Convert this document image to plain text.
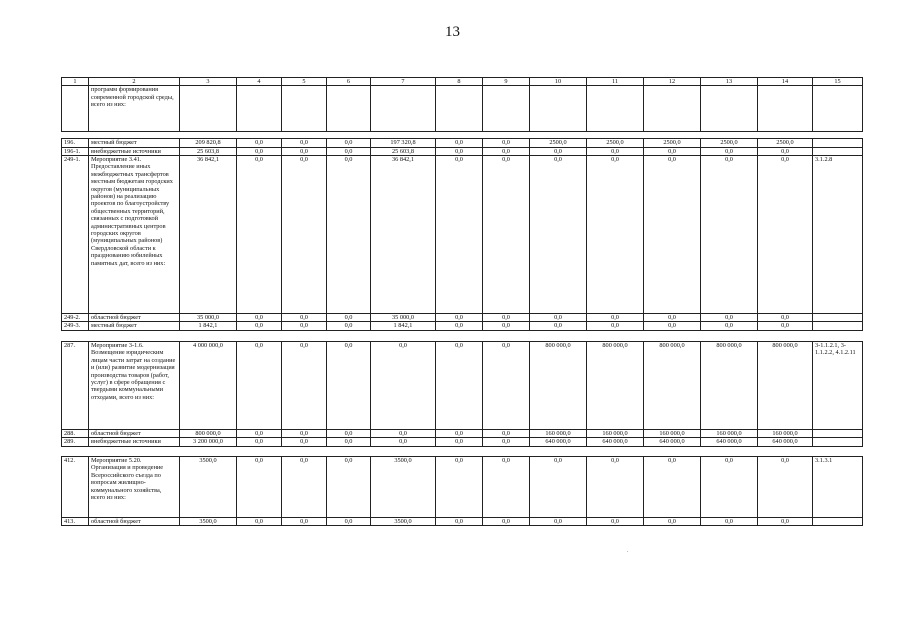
13
1	2	3	4	5	6	7	8	9	10	11	12	13	14	15
	программ формирования современной городской среды, всего из них:													

196.	местный бюджет	209 820,8	0,0	0,0	0,0	197 320,8	0,0	0,0	2500,0	2500,0	2500,0	2500,0	2500,0	
196-1.	внебюджетные источники	25 603,8	0,0	0,0	0,0	25 603,8	0,0	0,0	0,0	0,0	0,0	0,0	0,0	
249-1.	Мероприятие 3.41. Предоставление иных межбюджетных трансфертов местным бюджетам городских округов (муниципальных районов) на реализацию проектов по благоустройству общественных территорий, связанных с подготовкой административных центров городских округов (муниципальных районов) Свердловской области к празднованию юбилейных памятных дат, всего из них:	36 842,1	0,0	0,0	0,0	36 842,1	0,0	0,0	0,0	0,0	0,0	0,0	0,0	3.1.2.8
249-2.	областной бюджет	35 000,0	0,0	0,0	0,0	35 000,0	0,0	0,0	0,0	0,0	0,0	0,0	0,0	
249-3.	местный бюджет	1 842,1	0,0	0,0	0,0	1 842,1	0,0	0,0	0,0	0,0	0,0	0,0	0,0	
287.	Мероприятие 3-1.6. Возмещение юридическим лицам части затрат на создание и (или) развитие модернизация производства товаров (работ, услуг) в сфере обращения с твердыми коммунальными отходами, всего из них:	4 000 000,0	0,0	0,0	0,0	0,0	0,0	0,0	800 000,0	800 000,0	800 000,0	800 000,0	800 000,0	3-1.1.2.1, 3-1.1.2.2, 4.1.2.11
288.	областной бюджет	800 000,0	0,0	0,0	0,0	0,0	0,0	0,0	160 000,0	160 000,0	160 000,0	160 000,0	160 000,0	
289.	внебюджетные источники	3 200 000,0	0,0	0,0	0,0	0,0	0,0	0,0	640 000,0	640 000,0	640 000,0	640 000,0	640 000,0	
412.	Мероприятие 5.20. Организация и проведение Всероссийского съезда по вопросам жилищно-коммунального хозяйства, всего из них:	3500,0	0,0	0,0	0,0	3500,0	0,0	0,0	0,0	0,0	0,0	0,0	0,0	3.1.3.1
413.	областной бюджет	3500,0	0,0	0,0	0,0	3500,0	0,0	0,0	0,0	0,0	0,0	0,0	0,0	
.
